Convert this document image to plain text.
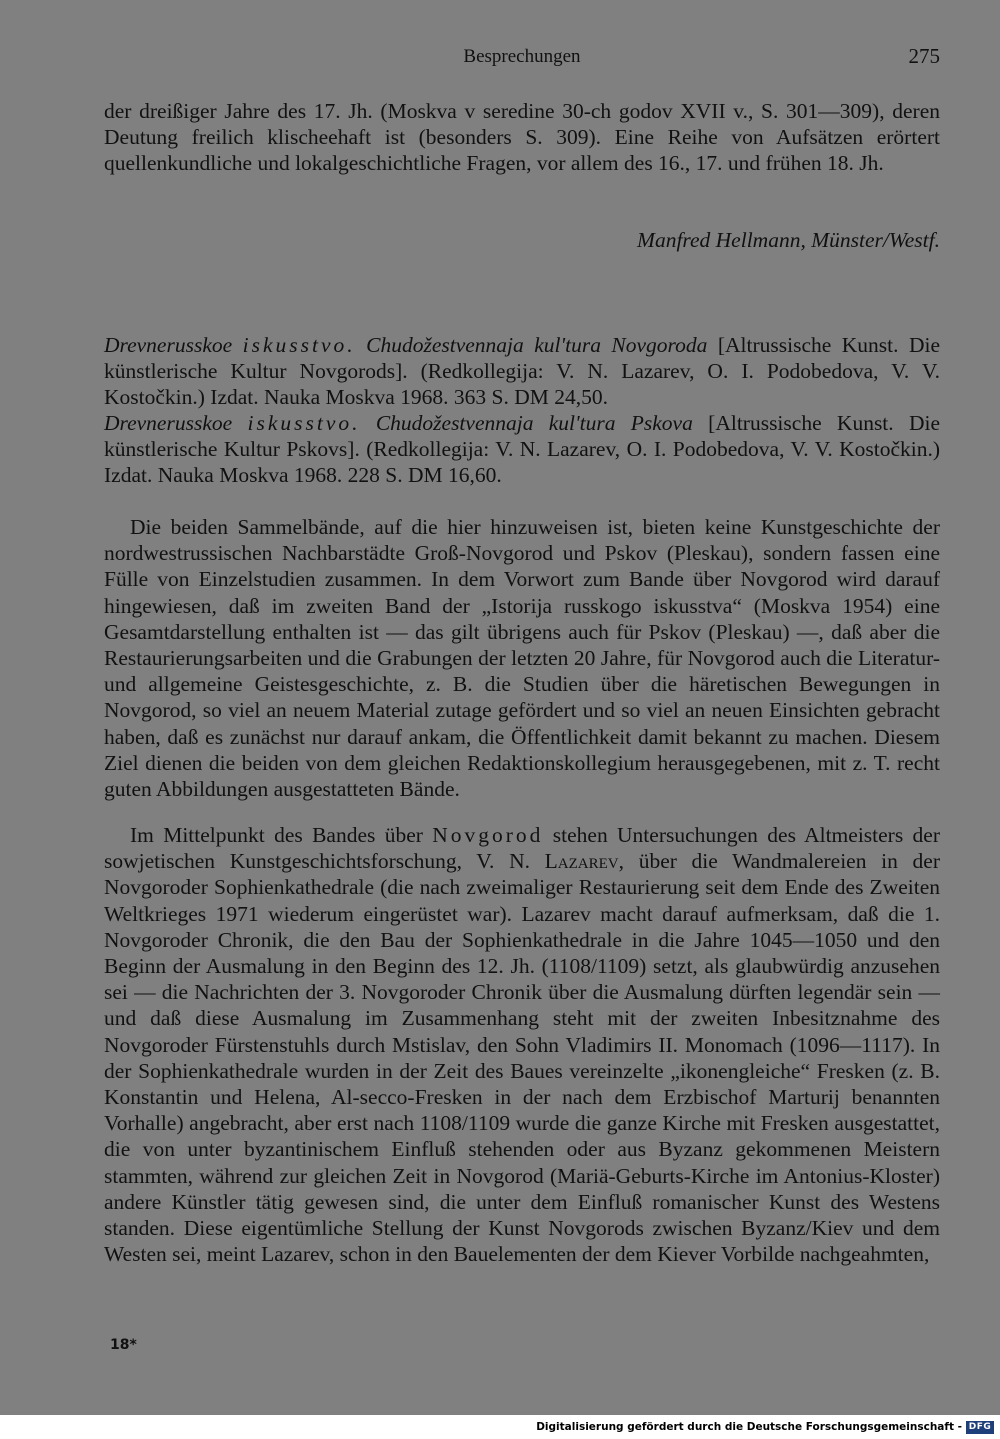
Besprechungen	275

der dreißiger Jahre des 17. Jh. (Moskva v seredine 30-ch godov XVII v., S. 301—309), deren Deutung freilich klischeehaft ist (besonders S. 309). Eine Reihe von Aufsätzen erörtert quellenkundliche und lokalgeschichtliche Fragen, vor allem des 16., 17. und frühen 18. Jh.

Manfred Hellmann, Münster/Westf.

Drevnerusskoe iskusstvo. Chudožestvennaja kul'tura Novgoroda [Altrussische Kunst. Die künstlerische Kultur Novgorods]. (Redkollegija: V. N. Lazarev, O. I. Podobedova, V. V. Kostočkin.) Izdat. Nauka Moskva 1968. 363 S. DM 24,50.

Drevnerusskoe iskusstvo. Chudožestvennaja kul'tura Pskova [Altrussische Kunst. Die künstlerische Kultur Pskovs]. (Redkollegija: V. N. Lazarev, O. I. Podobedova, V. V. Kostočkin.) Izdat. Nauka Moskva 1968. 228 S. DM 16,60.

Die beiden Sammelbände, auf die hier hinzuweisen ist, bieten keine Kunstgeschichte der nordwestrussischen Nachbarstädte Groß-Novgorod und Pskov (Pleskau), sondern fassen eine Fülle von Einzelstudien zusammen. In dem Vorwort zum Bande über Novgorod wird darauf hingewiesen, daß im zweiten Band der „Istorija russkogo iskusstva“ (Moskva 1954) eine Gesamtdarstellung enthalten ist — das gilt übrigens auch für Pskov (Pleskau) —, daß aber die Restaurierungsarbeiten und die Grabungen der letzten 20 Jahre, für Novgorod auch die Literatur- und allgemeine Geistesgeschichte, z. B. die Studien über die häretischen Bewegungen in Novgorod, so viel an neuem Material zutage gefördert und so viel an neuen Einsichten gebracht haben, daß es zunächst nur darauf ankam, die Öffentlichkeit damit bekannt zu machen. Diesem Ziel dienen die beiden von dem gleichen Redaktionskollegium herausgegebenen, mit z. T. recht guten Abbildungen ausgestatteten Bände.

Im Mittelpunkt des Bandes über Novgorod stehen Untersuchungen des Altmeisters der sowjetischen Kunstgeschichtsforschung, V. N. Lazarev, über die Wandmalereien in der Novgoroder Sophienkathedrale (die nach zweimaliger Restaurierung seit dem Ende des Zweiten Weltkrieges 1971 wiederum eingerüstet war). Lazarev macht darauf aufmerksam, daß die 1. Novgoroder Chronik, die den Bau der Sophienkathedrale in die Jahre 1045—1050 und den Beginn der Ausmalung in den Beginn des 12. Jh. (1108/1109) setzt, als glaubwürdig anzusehen sei — die Nachrichten der 3. Novgoroder Chronik über die Ausmalung dürften legendär sein — und daß diese Ausmalung im Zusammenhang steht mit der zweiten Inbesitznahme des Novgoroder Fürstenstuhls durch Mstislav, den Sohn Vladimirs II. Monomach (1096—1117). In der Sophienkathedrale wurden in der Zeit des Baues vereinzelte „ikonengleiche“ Fresken (z. B. Konstantin und Helena, Al-secco-Fresken in der nach dem Erzbischof Marturij benannten Vorhalle) angebracht, aber erst nach 1108/1109 wurde die ganze Kirche mit Fresken ausgestattet, die von unter byzantinischem Einfluß stehenden oder aus Byzanz gekommenen Meistern stammten, während zur gleichen Zeit in Novgorod (Mariä-Geburts-Kirche im Antonius-Kloster) andere Künstler tätig gewesen sind, die unter dem Einfluß romanischer Kunst des Westens standen. Diese eigentümliche Stellung der Kunst Novgorods zwischen Byzanz/Kiev und dem Westen sei, meint Lazarev, schon in den Bauelementen der dem Kiever Vorbilde nachgeahmten,

18*
Digitalisierung gefördert durch die Deutsche Forschungsgemeinschaft - DFG
